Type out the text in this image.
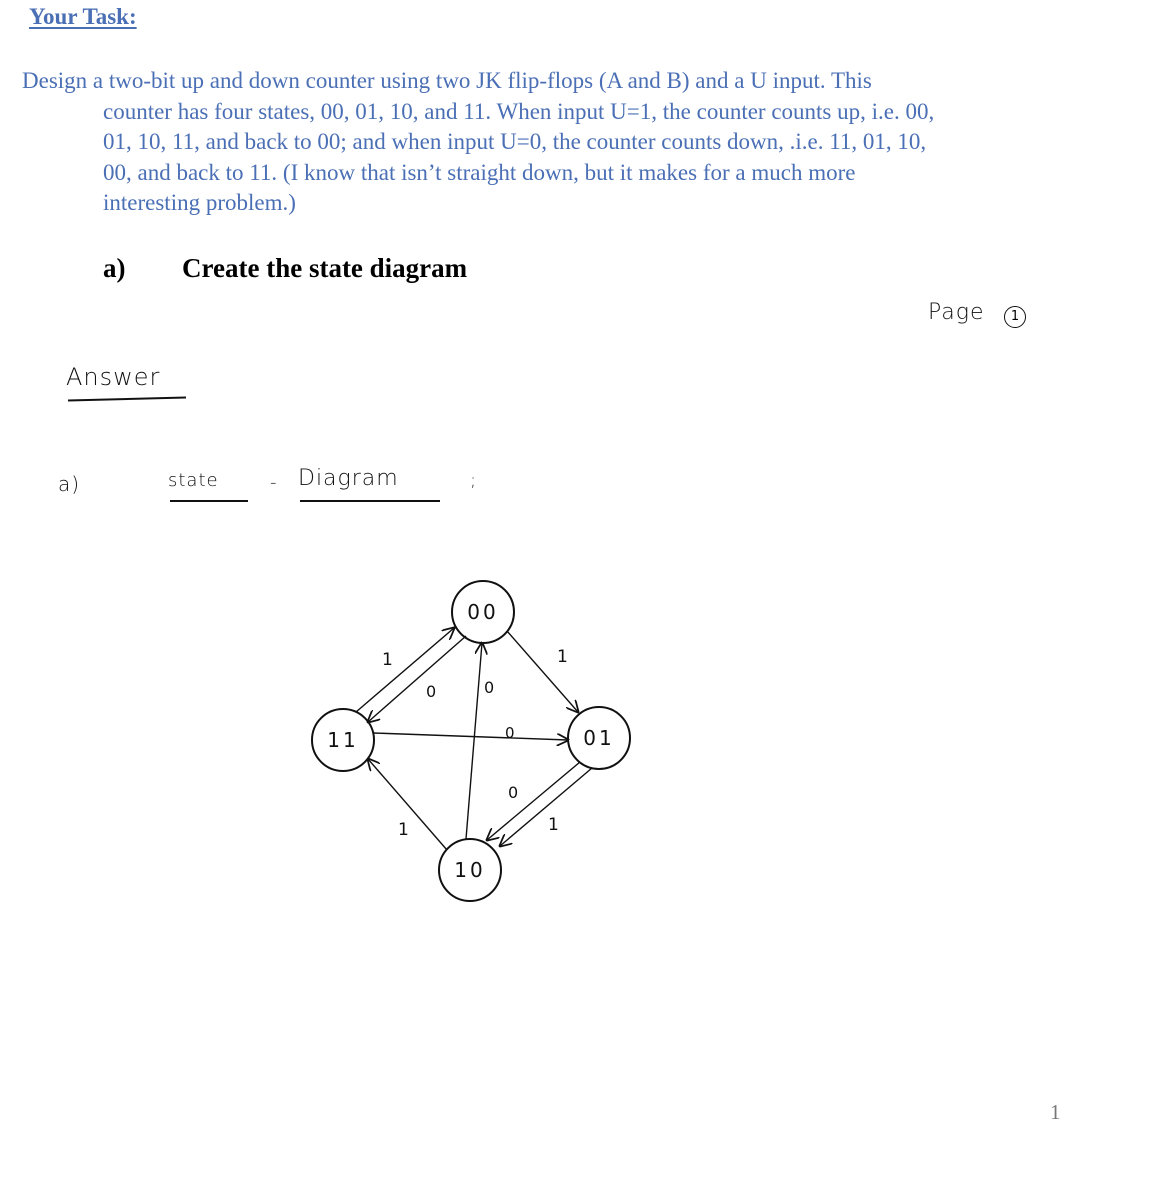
Your Task:
Design a two-bit up and down counter using two JK flip-flops (A and B) and a U input. This
counter has four states, 00, 01, 10, and 11. When input U=1, the counter counts up, i.e. 00,
01, 10, 11, and back to 00; and when input U=0, the counter counts down, .i.e. 11, 01, 10,
00, and back to 11. (I know that isn’t straight down, but it makes for a much more
interesting problem.)
a) Create the state diagram
Page	1
Answer
a)	state	- Diagram	;
00
01
10
11
1
1
0	0
0
0
1
1
1
